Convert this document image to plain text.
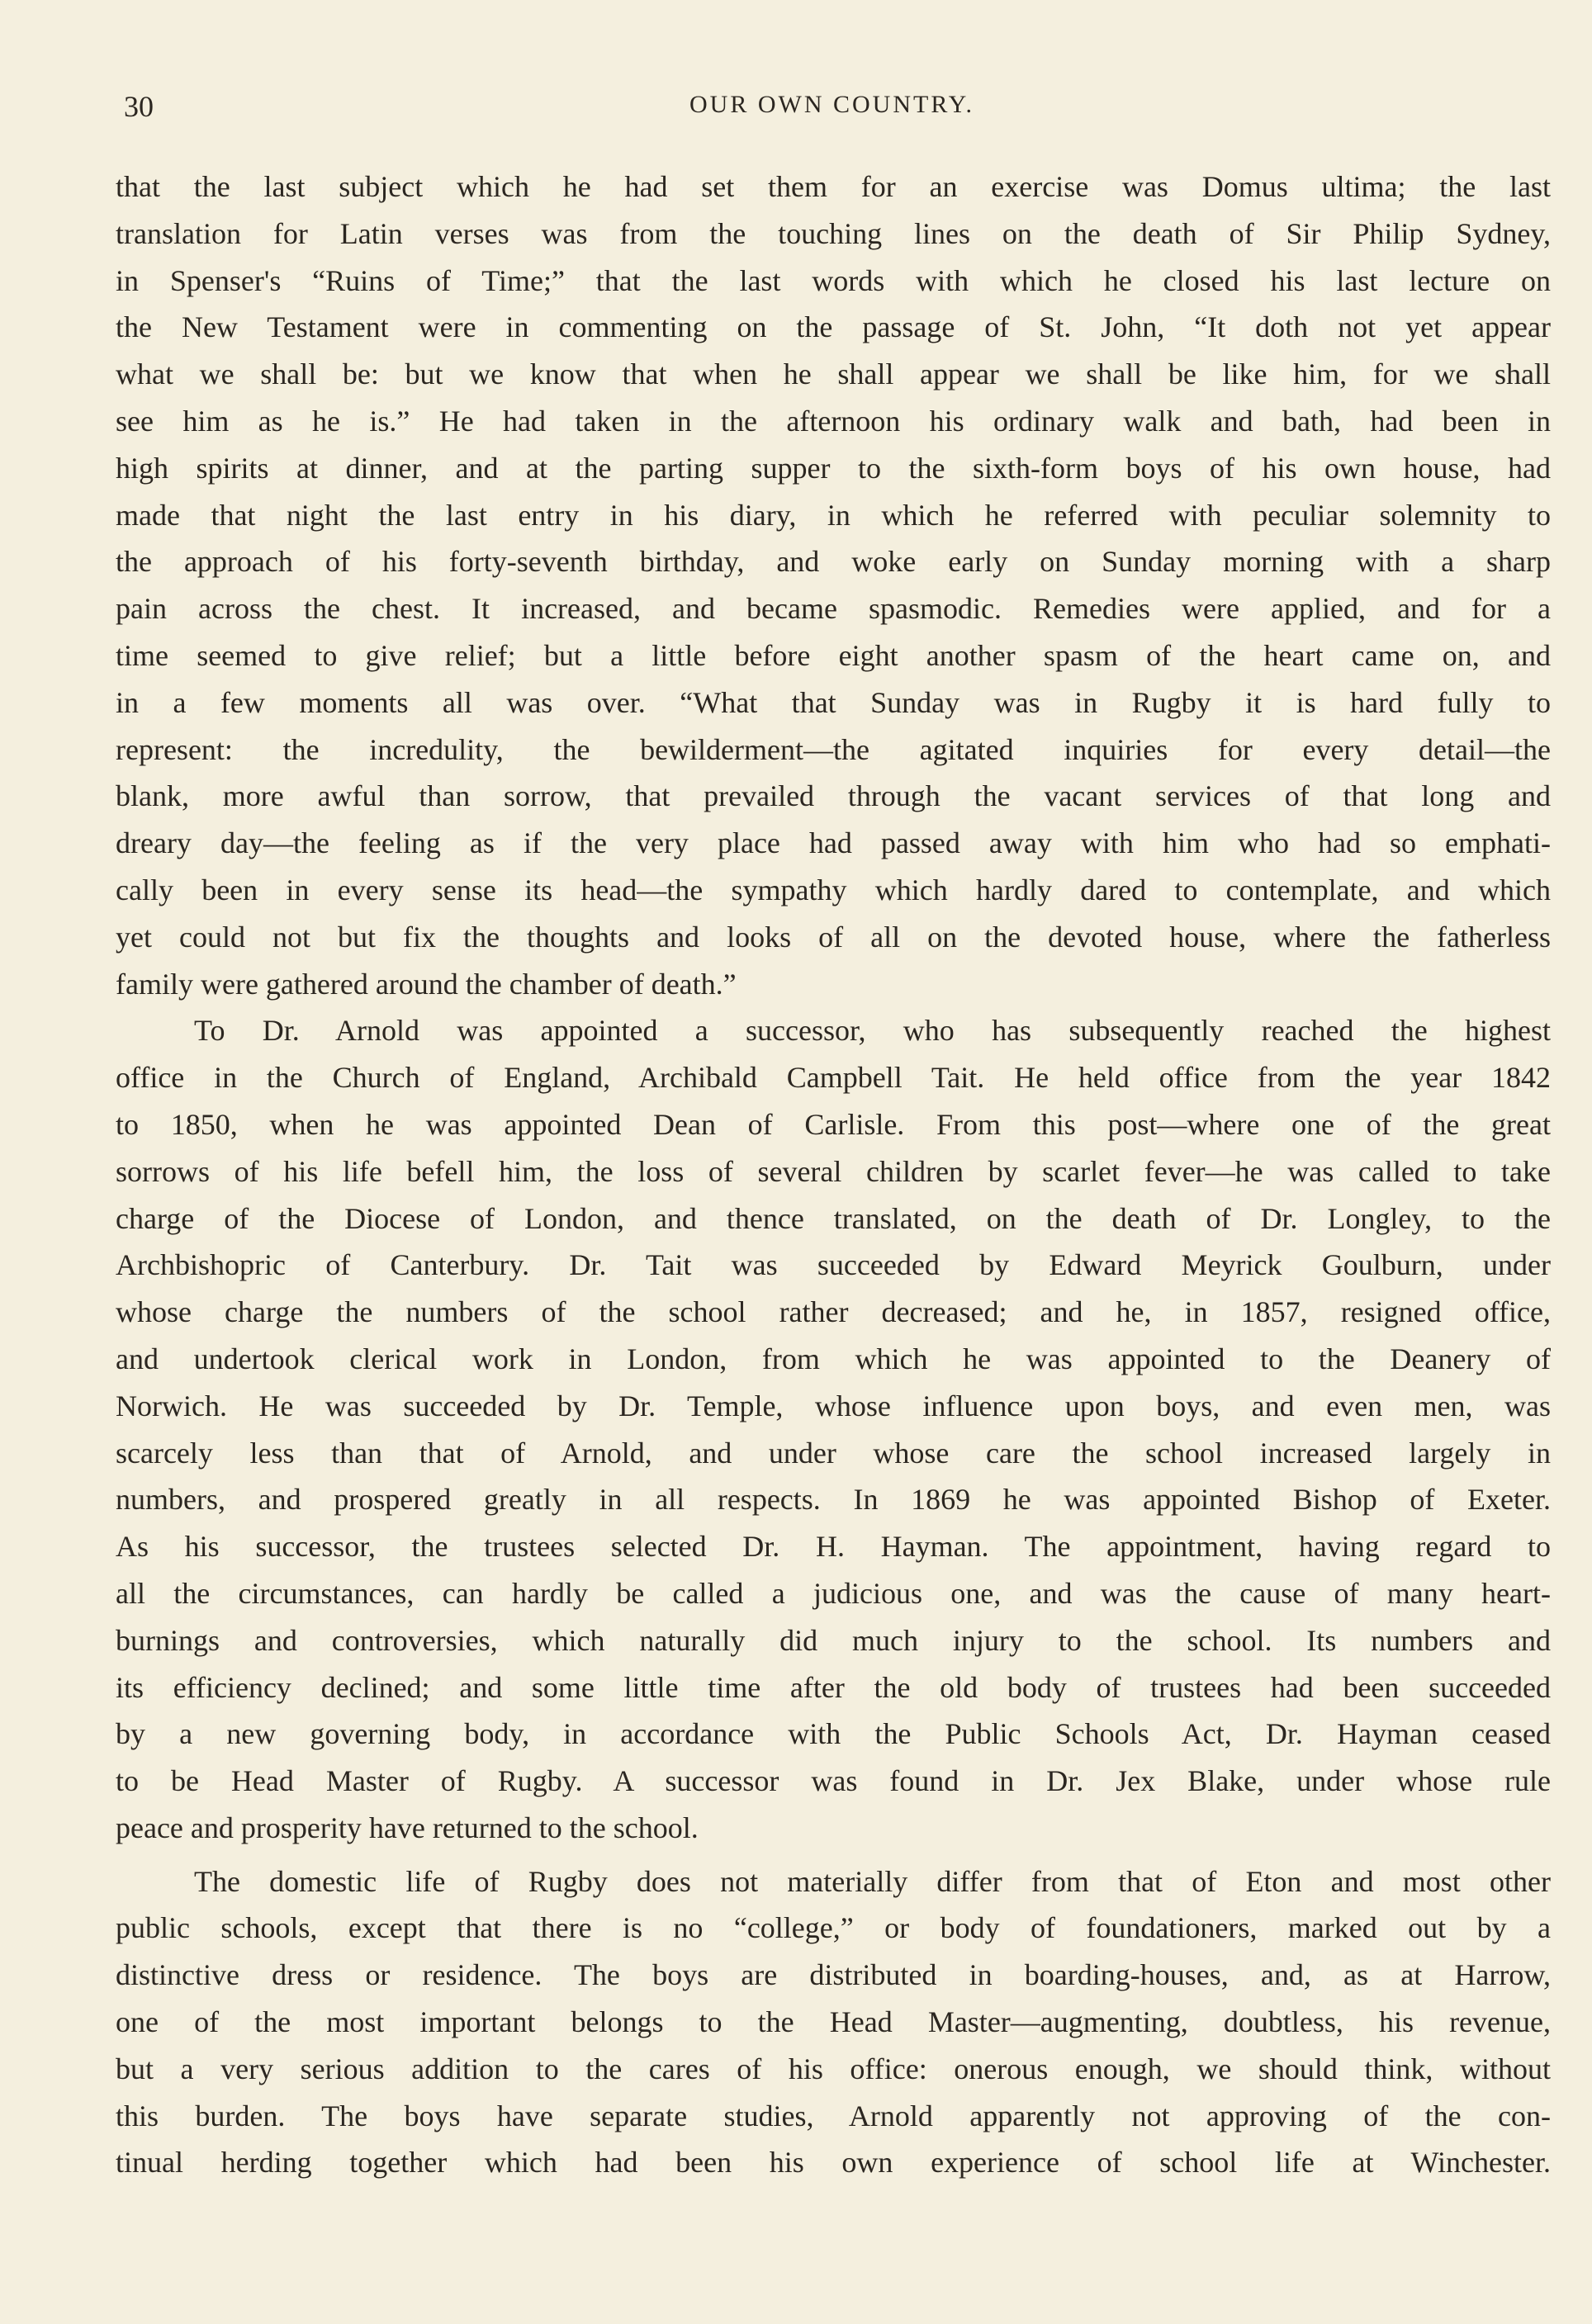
30	OUR OWN COUNTRY.
that the last subject which he had set them for an exercise was Domus ultima; the last
translation for Latin verses was from the touching lines on the death of Sir Philip Sydney,
in Spenser's “Ruins of Time;” that the last words with which he closed his last lecture on
the New Testament were in commenting on the passage of St. John, “It doth not yet appear
what we shall be: but we know that when he shall appear we shall be like him, for we shall
see him as he is.” He had taken in the afternoon his ordinary walk and bath, had been in
high spirits at dinner, and at the parting supper to the sixth-form boys of his own house, had
made that night the last entry in his diary, in which he referred with peculiar solemnity to
the approach of his forty-seventh birthday, and woke early on Sunday morning with a sharp
pain across the chest. It increased, and became spasmodic. Remedies were applied, and for a
time seemed to give relief; but a little before eight another spasm of the heart came on, and
in a few moments all was over. “What that Sunday was in Rugby it is hard fully to
represent: the incredulity, the bewilderment—the agitated inquiries for every detail—the
blank, more awful than sorrow, that prevailed through the vacant services of that long and
dreary day—the feeling as if the very place had passed away with him who had so emphati-
cally been in every sense its head—the sympathy which hardly dared to contemplate, and which
yet could not but fix the thoughts and looks of all on the devoted house, where the fatherless
family were gathered around the chamber of death.”
To Dr. Arnold was appointed a successor, who has subsequently reached the highest
office in the Church of England, Archibald Campbell Tait. He held office from the year 1842
to 1850, when he was appointed Dean of Carlisle. From this post—where one of the great
sorrows of his life befell him, the loss of several children by scarlet fever—he was called to take
charge of the Diocese of London, and thence translated, on the death of Dr. Longley, to the
Archbishopric of Canterbury. Dr. Tait was succeeded by Edward Meyrick Goulburn, under
whose charge the numbers of the school rather decreased; and he, in 1857, resigned office,
and undertook clerical work in London, from which he was appointed to the Deanery of
Norwich. He was succeeded by Dr. Temple, whose influence upon boys, and even men, was
scarcely less than that of Arnold, and under whose care the school increased largely in
numbers, and prospered greatly in all respects. In 1869 he was appointed Bishop of Exeter.
As his successor, the trustees selected Dr. H. Hayman. The appointment, having regard to
all the circumstances, can hardly be called a judicious one, and was the cause of many heart-
burnings and controversies, which naturally did much injury to the school. Its numbers and
its efficiency declined; and some little time after the old body of trustees had been succeeded
by a new governing body, in accordance with the Public Schools Act, Dr. Hayman ceased
to be Head Master of Rugby. A successor was found in Dr. Jex Blake, under whose rule
peace and prosperity have returned to the school.
The domestic life of Rugby does not materially differ from that of Eton and most other
public schools, except that there is no “college,” or body of foundationers, marked out by a
distinctive dress or residence. The boys are distributed in boarding-houses, and, as at Harrow,
one of the most important belongs to the Head Master—augmenting, doubtless, his revenue,
but a very serious addition to the cares of his office: onerous enough, we should think, without
this burden. The boys have separate studies, Arnold apparently not approving of the con-
tinual herding together which had been his own experience of school life at Winchester.
